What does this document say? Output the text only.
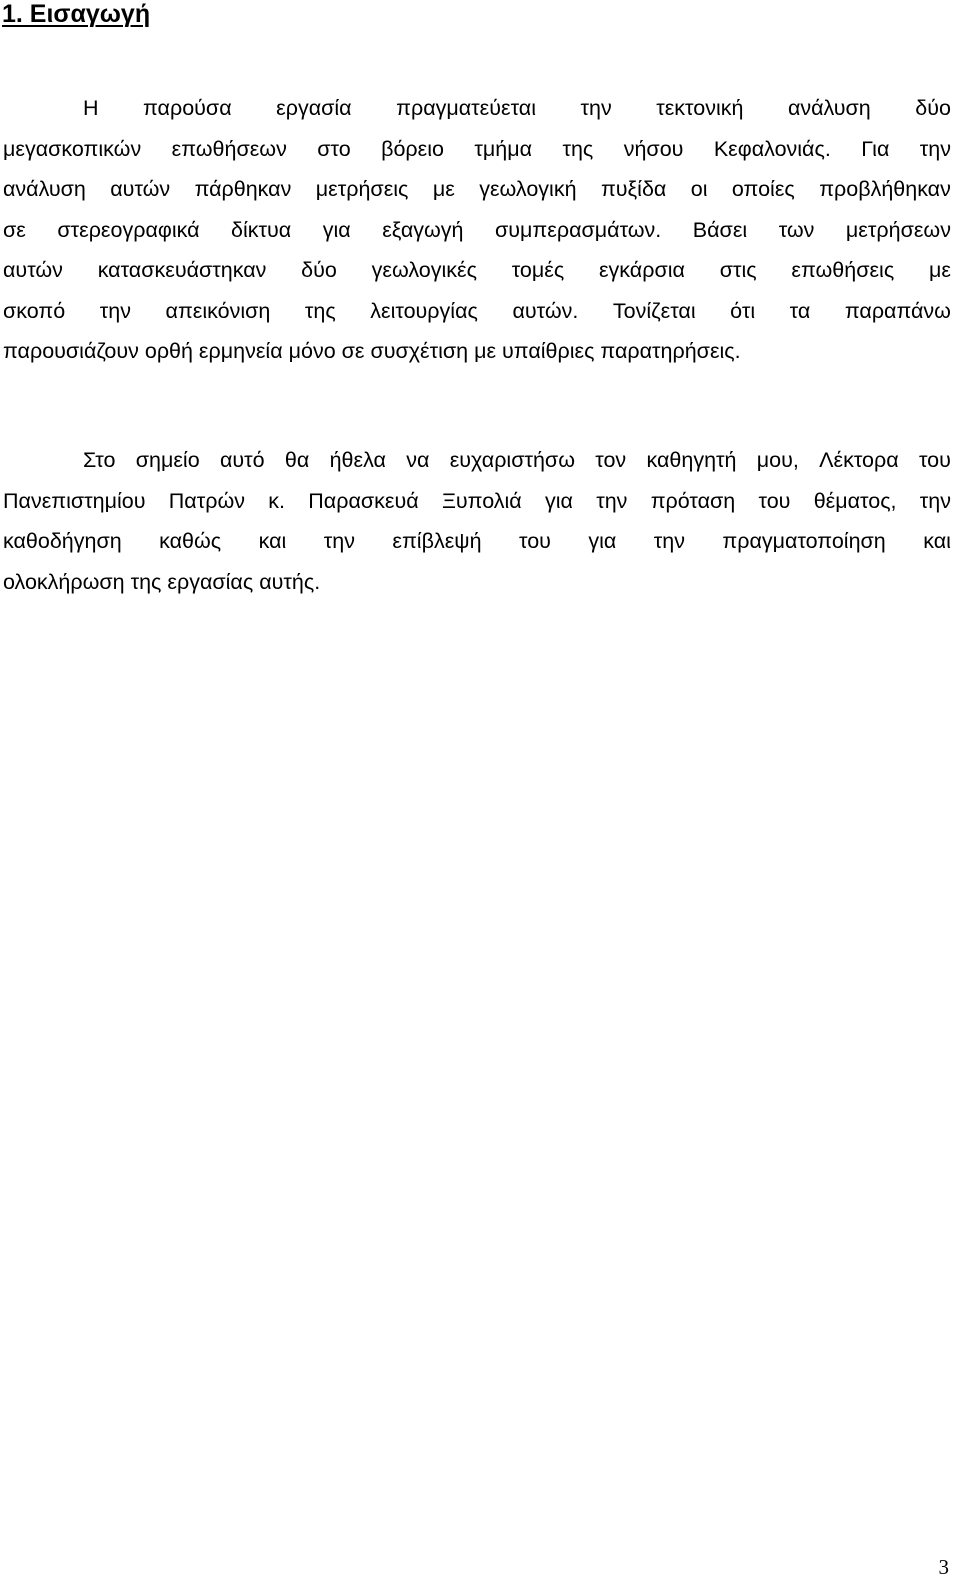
1. Εισαγωγή
Η παρούσα εργασία πραγματεύεται την τεκτονική ανάλυση δύο
μεγασκοπικών επωθήσεων στο βόρειο τμήμα της νήσου Κεφαλονιάς. Για την
ανάλυση αυτών πάρθηκαν μετρήσεις με γεωλογική πυξίδα οι οποίες προβλήθηκαν
σε στερεογραφικά δίκτυα για εξαγωγή συμπερασμάτων. Βάσει των μετρήσεων
αυτών κατασκευάστηκαν δύο γεωλογικές τομές εγκάρσια στις επωθήσεις με
σκοπό την απεικόνιση της λειτουργίας αυτών. Τονίζεται ότι τα παραπάνω
παρουσιάζουν ορθή ερμηνεία μόνο σε συσχέτιση με υπαίθριες παρατηρήσεις.
Στο σημείο αυτό θα ήθελα να ευχαριστήσω τον καθηγητή μου, Λέκτορα του
Πανεπιστημίου Πατρών κ. Παρασκευά Ξυπολιά για την πρόταση του θέματος, την
καθοδήγηση καθώς και την επίβλεψή του για την πραγματοποίηση και
ολοκλήρωση της εργασίας αυτής.
3
